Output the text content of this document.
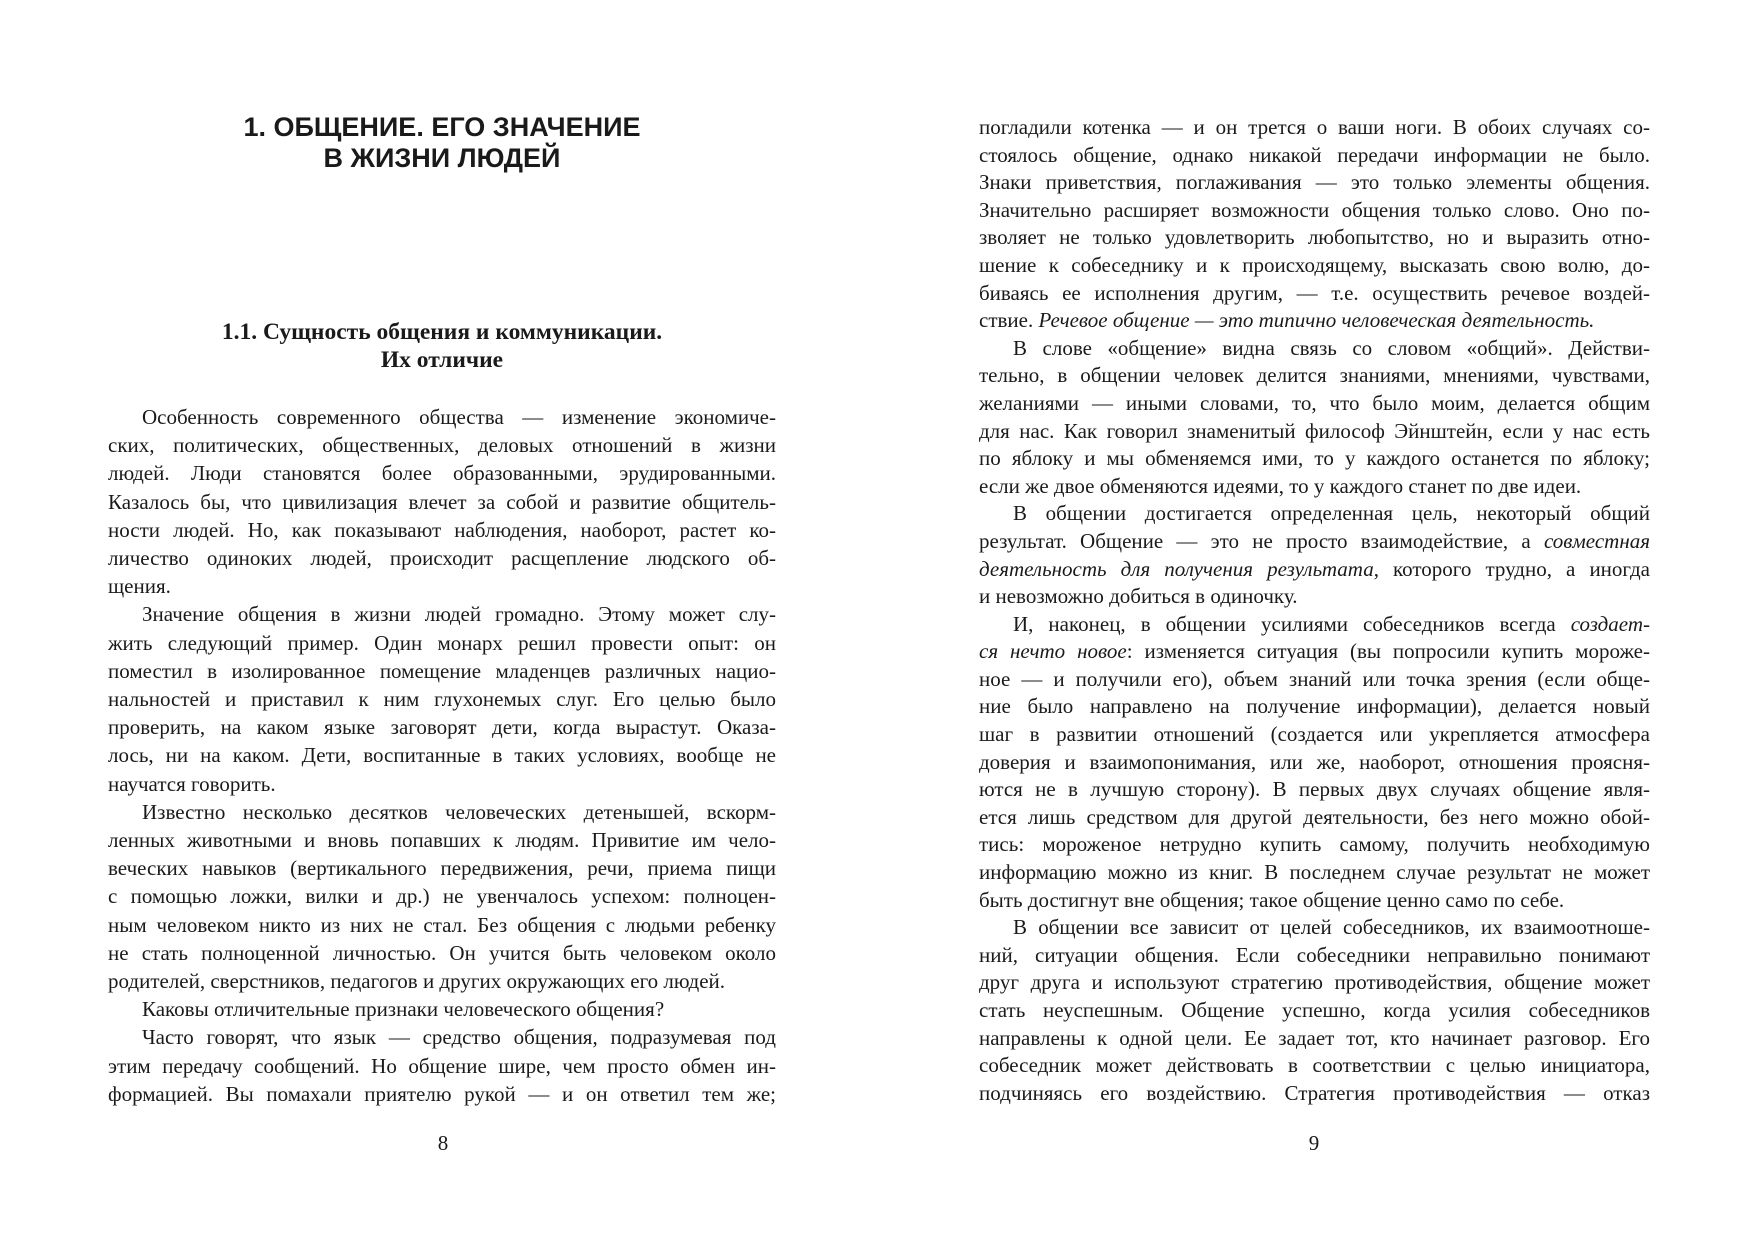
1. ОБЩЕНИЕ. ЕГО ЗНАЧЕНИЕ
В ЖИЗНИ ЛЮДЕЙ
1.1. Сущность общения и коммуникации.
Их отличие
Особенность современного общества — изменение экономиче-
ских, политических, общественных, деловых отношений в жизни
людей. Люди становятся более образованными, эрудированными.
Казалось бы, что цивилизация влечет за собой и развитие общитель-
ности людей. Но, как показывают наблюдения, наоборот, растет ко-
личество одиноких людей, происходит расщепление людского об-
щения.
Значение общения в жизни людей громадно. Этому может слу-
жить следующий пример. Один монарх решил провести опыт: он
поместил в изолированное помещение младенцев различных нацио-
нальностей и приставил к ним глухонемых слуг. Его целью было
проверить, на каком языке заговорят дети, когда вырастут. Оказа-
лось, ни на каком. Дети, воспитанные в таких условиях, вообще не
научатся говорить.
Известно несколько десятков человеческих детенышей, вскорм-
ленных животными и вновь попавших к людям. Привитие им чело-
веческих навыков (вертикального передвижения, речи, приема пищи
с помощью ложки, вилки и др.) не увенчалось успехом: полноцен-
ным человеком никто из них не стал. Без общения с людьми ребенку
не стать полноценной личностью. Он учится быть человеком около
родителей, сверстников, педагогов и других окружающих его людей.
Каковы отличительные признаки человеческого общения?
Часто говорят, что язык — средство общения, подразумевая под
этим передачу сообщений. Но общение шире, чем просто обмен ин-
формацией. Вы помахали приятелю рукой — и он ответил тем же;
погладили котенка — и он трется о ваши ноги. В обоих случаях со-
стоялось общение, однако никакой передачи информации не было.
Знаки приветствия, поглаживания — это только элементы общения.
Значительно расширяет возможности общения только слово. Оно по-
зволяет не только удовлетворить любопытство, но и выразить отно-
шение к собеседнику и к происходящему, высказать свою волю, до-
биваясь ее исполнения другим, — т.е. осуществить речевое воздей-
ствие. Речевое общение — это типично человеческая деятельность.
В слове «общение» видна связь со словом «общий». Действи-
тельно, в общении человек делится знаниями, мнениями, чувствами,
желаниями — иными словами, то, что было моим, делается общим
для нас. Как говорил знаменитый философ Эйнштейн, если у нас есть
по яблоку и мы обменяемся ими, то у каждого останется по яблоку;
если же двое обменяются идеями, то у каждого станет по две идеи.
В общении достигается определенная цель, некоторый общий
результат. Общение — это не просто взаимодействие, а совместная
деятельность для получения результата, которого трудно, а иногда
и невозможно добиться в одиночку.
И, наконец, в общении усилиями собеседников всегда создает-
ся нечто новое: изменяется ситуация (вы попросили купить мороже-
ное — и получили его), объем знаний или точка зрения (если обще-
ние было направлено на получение информации), делается новый
шаг в развитии отношений (создается или укрепляется атмосфера
доверия и взаимопонимания, или же, наоборот, отношения проясня-
ются не в лучшую сторону). В первых двух случаях общение явля-
ется лишь средством для другой деятельности, без него можно обой-
тись: мороженое нетрудно купить самому, получить необходимую
информацию можно из книг. В последнем случае результат не может
быть достигнут вне общения; такое общение ценно само по себе.
В общении все зависит от целей собеседников, их взаимоотноше-
ний, ситуации общения. Если собеседники неправильно понимают
друг друга и используют стратегию противодействия, общение может
стать неуспешным. Общение успешно, когда усилия собеседников
направлены к одной цели. Ее задает тот, кто начинает разговор. Его
собеседник может действовать в соответствии с целью инициатора,
подчиняясь его воздействию. Стратегия противодействия — отказ
8	9
